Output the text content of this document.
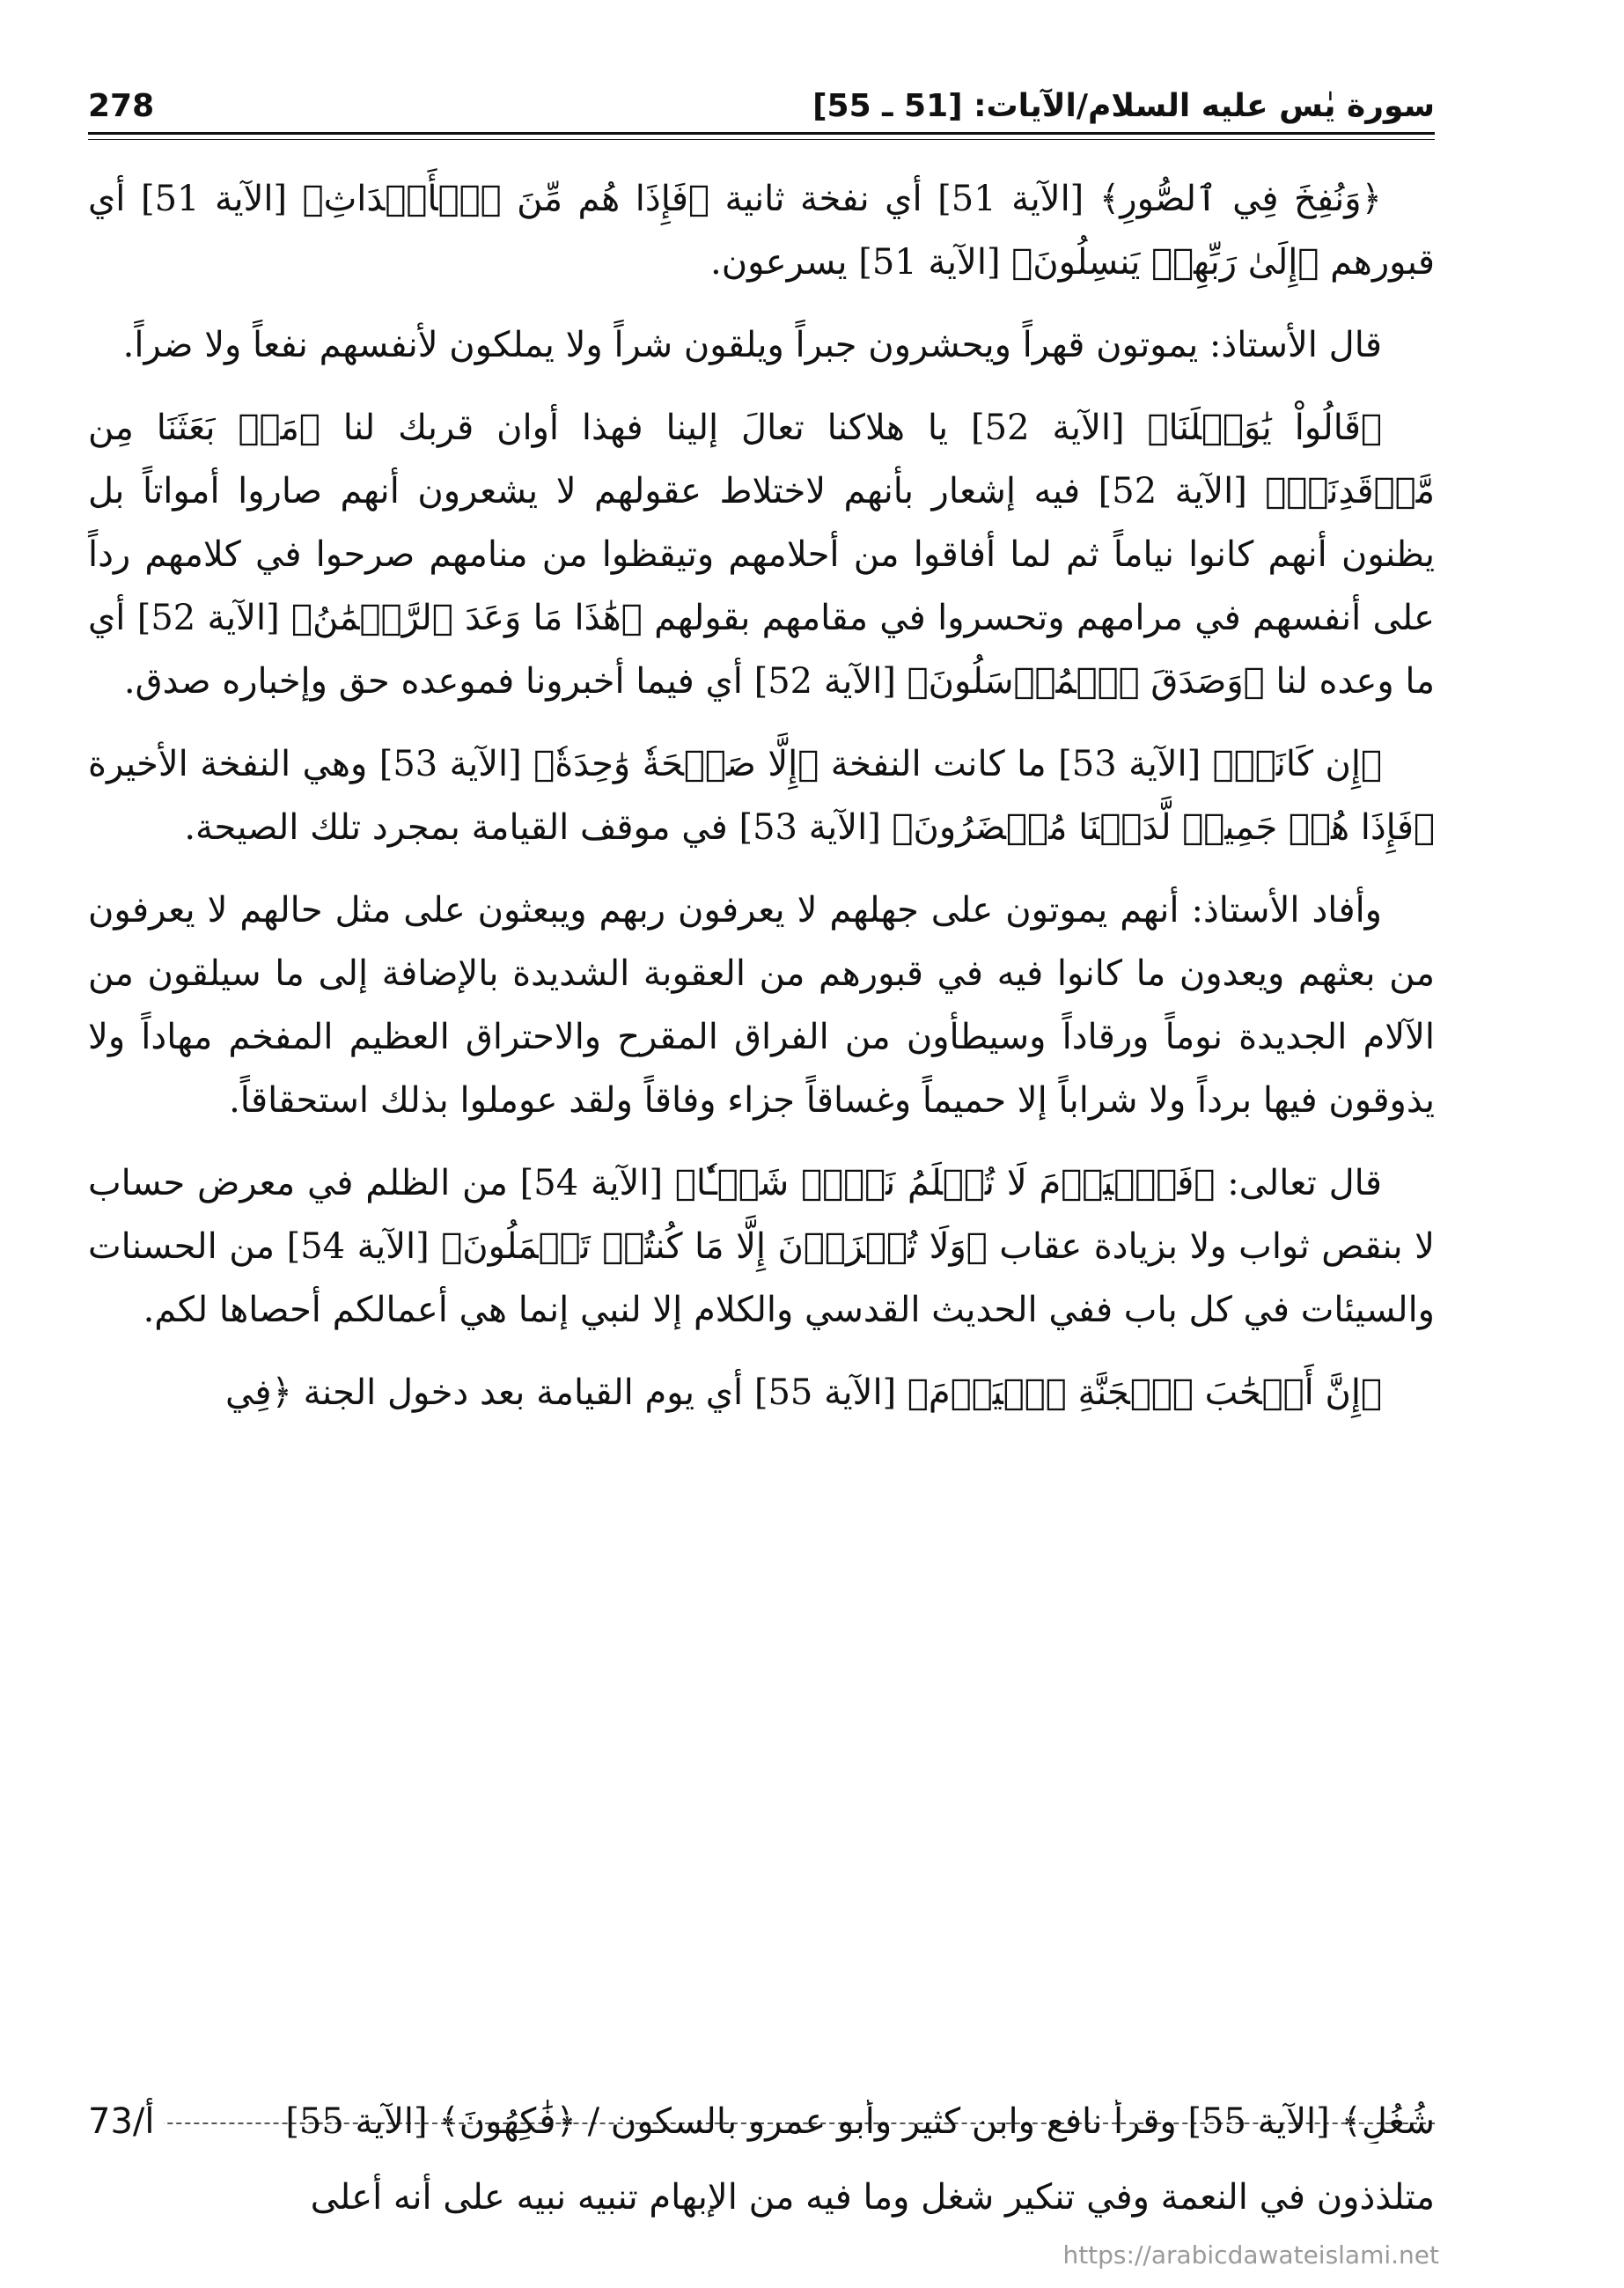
278	سورة يٰس عليه السلام/الآيات: [51 ـ 55]

﴿وَنُفِخَ فِي ٱلصُّورِ﴾ [الآية 51] أي نفخة ثانية ﴿فَإِذَا هُم مِّنَ ٱلۡأَجۡدَاثِ﴾ [الآية 51] أي قبورهم ﴿إِلَىٰ رَبِّهِمۡ يَنسِلُونَ﴾ [الآية 51] يسرعون.

قال الأستاذ: يموتون قهراً ويحشرون جبراً ويلقون شراً ولا يملكون لأنفسهم نفعاً ولا ضراً.

﴿قَالُواْ يَٰوَيۡلَنَا﴾ [الآية 52] يا هلاكنا تعالَ إلينا فهذا أوان قربك لنا ﴿مَنۢ بَعَثَنَا مِن مَّرۡقَدِنَاۜ﴾ [الآية 52] فيه إشعار بأنهم لاختلاط عقولهم لا يشعرون أنهم صاروا أمواتاً بل يظنون أنهم كانوا نياماً ثم لما أفاقوا من أحلامهم وتيقظوا من منامهم صرحوا في كلامهم رداً على أنفسهم في مرامهم وتحسروا في مقامهم بقولهم ﴿هَٰذَا مَا وَعَدَ ٱلرَّحۡمَٰنُ﴾ [الآية 52] أي ما وعده لنا ﴿وَصَدَقَ ٱلۡمُرۡسَلُونَ﴾ [الآية 52] أي فيما أخبرونا فموعده حق وإخباره صدق.

﴿إِن كَانَتۡ﴾ [الآية 53] ما كانت النفخة ﴿إِلَّا صَيۡحَةٗ وَٰحِدَةٗ﴾ [الآية 53] وهي النفخة الأخيرة ﴿فَإِذَا هُمۡ جَمِيعٞ لَّدَيۡنَا مُحۡضَرُونَ﴾ [الآية 53] في موقف القيامة بمجرد تلك الصيحة.

وأفاد الأستاذ: أنهم يموتون على جهلهم لا يعرفون ربهم ويبعثون على مثل حالهم لا يعرفون من بعثهم ويعدون ما كانوا فيه في قبورهم من العقوبة الشديدة بالإضافة إلى ما سيلقون من الآلام الجديدة نوماً ورقاداً وسيطأون من الفراق المقرح والاحتراق العظيم المفخم مهاداً ولا يذوقون فيها برداً ولا شراباً إلا حميماً وغساقاً جزاء وفاقاً ولقد عوملوا بذلك استحقاقاً.

قال تعالى: ﴿فَٱلۡيَوۡمَ لَا تُظۡلَمُ نَفۡسٞ شَيۡـٔٗا﴾ [الآية 54] من الظلم في معرض حساب لا بنقص ثواب ولا بزيادة عقاب ﴿وَلَا تُجۡزَوۡنَ إِلَّا مَا كُنتُمۡ تَعۡمَلُونَ﴾ [الآية 54] من الحسنات والسيئات في كل باب ففي الحديث القدسي والكلام إلا لنبي إنما هي أعمالكم أحصاها لكم.

﴿إِنَّ أَصۡحَٰبَ ٱلۡجَنَّةِ ٱلۡيَوۡمَ﴾ [الآية 55] أي يوم القيامة بعد دخول الجنة ﴿فِي

شُغُلٍ﴾ [الآية 55] وقرأ نافع وابن كثير وأبو عمرو بالسكون / ﴿فَٰكِهُونَ﴾ [الآية 55]
73/أ
متلذذون في النعمة وفي تنكير شغل وما فيه من الإبهام تنبيه نبيه على أنه أعلى
https://arabicdawateislami.net
